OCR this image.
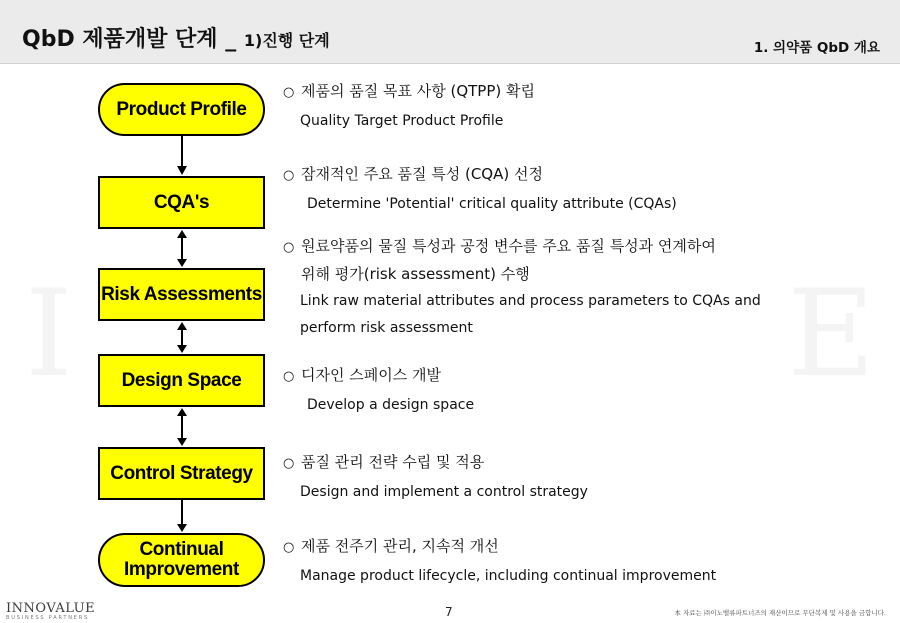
QbD 제품개발 단계 _ 1)진행 단계	1. 의약품 QbD 개요
I	E
Product Profile
CQA's
Risk Assessments
Design Space
Control Strategy
Continual
Improvement
○ 제품의 품질 목표 사항 (QTPP) 확립
Quality Target Product Profile
○ 잠재적인 주요 품질 특성 (CQA) 선정
Determine 'Potential' critical quality attribute (CQAs)
○ 원료약품의 물질 특성과 공정 변수를 주요 품질 특성과 연계하여
위해 평가(risk assessment) 수행
Link raw material attributes and process parameters to CQAs and
perform risk assessment
○ 디자인 스페이스 개발
Develop a design space
○ 품질 관리 전략 수립 및 적용
Design and implement a control strategy
○ 제품 전주기 관리, 지속적 개선
Manage product lifecycle, including continual improvement
INNOVALUE
BUSINESS PARTNERS	7	本 자료는 ㈜이노밸류파트너즈의 재산이므로 무단복제 및 사용을 금합니다.
